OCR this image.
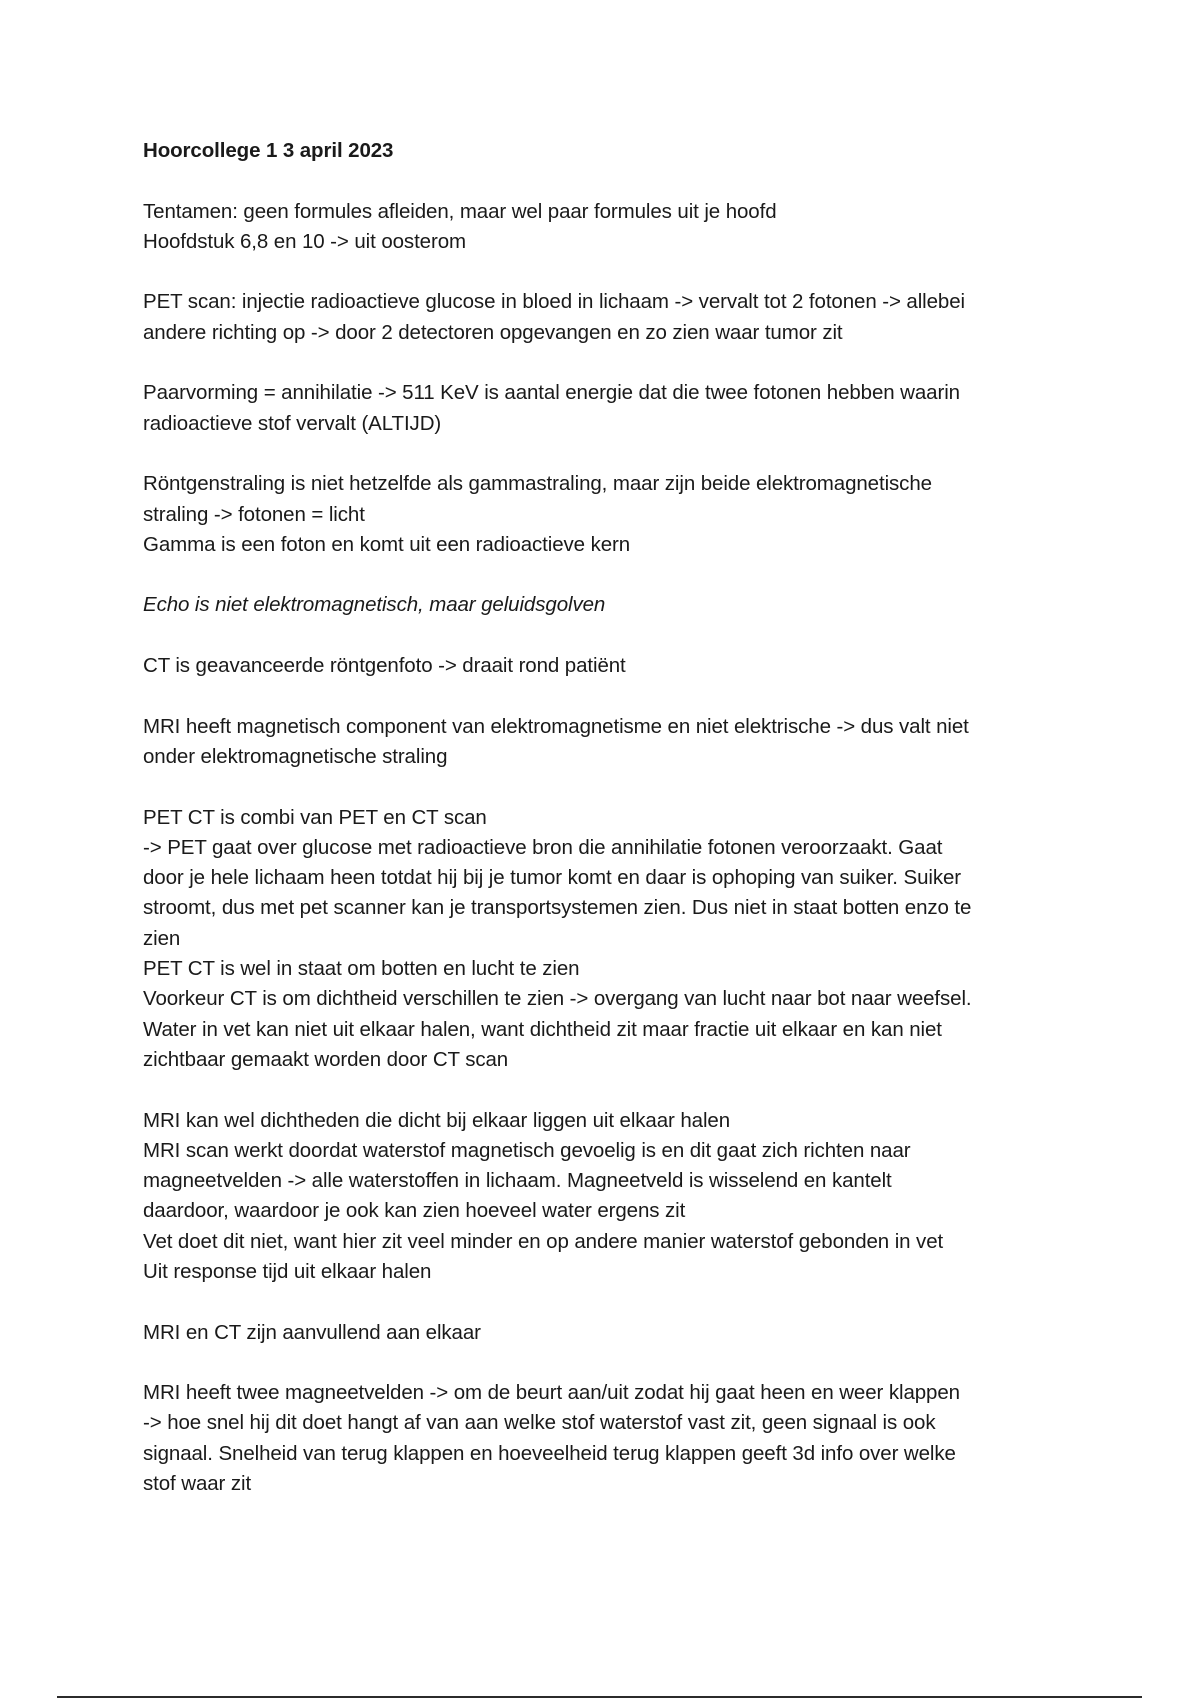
Hoorcollege 1 3 april 2023
Tentamen: geen formules afleiden, maar wel paar formules uit je hoofd
Hoofdstuk 6,8 en 10 -> uit oosterom
PET scan: injectie radioactieve glucose in bloed in lichaam -> vervalt tot 2 fotonen -> allebei
andere richting op -> door 2 detectoren opgevangen en zo zien waar tumor zit
Paarvorming = annihilatie -> 511 KeV is aantal energie dat die twee fotonen hebben waarin
radioactieve stof vervalt (ALTIJD)
Röntgenstraling is niet hetzelfde als gammastraling, maar zijn beide elektromagnetische
straling -> fotonen = licht
Gamma is een foton en komt uit een radioactieve kern
Echo is niet elektromagnetisch, maar geluidsgolven
CT is geavanceerde röntgenfoto -> draait rond patiënt
MRI heeft magnetisch component van elektromagnetisme en niet elektrische -> dus valt niet
onder elektromagnetische straling
PET CT is combi van PET en CT scan
-> PET gaat over glucose met radioactieve bron die annihilatie fotonen veroorzaakt. Gaat
door je hele lichaam heen totdat hij bij je tumor komt en daar is ophoping van suiker. Suiker
stroomt, dus met pet scanner kan je transportsystemen zien. Dus niet in staat botten enzo te
zien
PET CT is wel in staat om botten en lucht te zien
Voorkeur CT is om dichtheid verschillen te zien -> overgang van lucht naar bot naar weefsel.
Water in vet kan niet uit elkaar halen, want dichtheid zit maar fractie uit elkaar en kan niet
zichtbaar gemaakt worden door CT scan
MRI kan wel dichtheden die dicht bij elkaar liggen uit elkaar halen
MRI scan werkt doordat waterstof magnetisch gevoelig is en dit gaat zich richten naar
magneetvelden -> alle waterstoffen in lichaam. Magneetveld is wisselend en kantelt
daardoor, waardoor je ook kan zien hoeveel water ergens zit
Vet doet dit niet, want hier zit veel minder en op andere manier waterstof gebonden in vet
Uit response tijd uit elkaar halen
MRI en CT zijn aanvullend aan elkaar
MRI heeft twee magneetvelden -> om de beurt aan/uit zodat hij gaat heen en weer klappen
-> hoe snel hij dit doet hangt af van aan welke stof waterstof vast zit, geen signaal is ook
signaal. Snelheid van terug klappen en hoeveelheid terug klappen geeft 3d info over welke
stof waar zit
